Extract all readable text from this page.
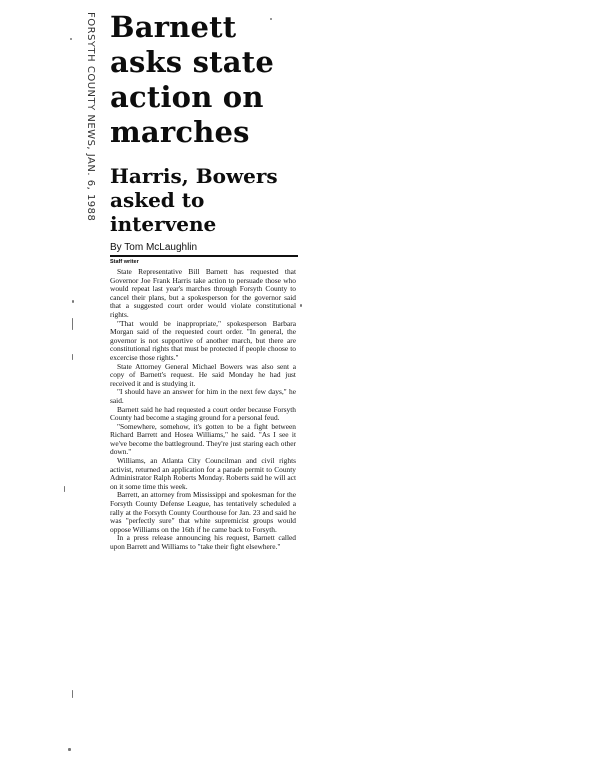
FORSYTH COUNTY NEWS, JAN. 6, 1988 Barnett asks state action on marches
Harris, Bowers asked to intervene
By Tom McLaughlin
Staff writer

State Representative Bill Barnett has requested that Governor Joe Frank Harris take action to persuade those who would repeat last year's marches through Forsyth County to cancel their plans, but a spokesperson for the governor said that a suggested court order would violate constitutional rights.

"That would be inappropriate," spokesperson Barbara Morgan said of the requested court order. "In general, the governor is not supportive of another march, but there are constitutional rights that must be protected if people choose to excercise those rights."

State Attorney General Michael Bowers was also sent a copy of Barnett's request. He said Monday he had just received it and is studying it.

"I should have an answer for him in the next few days," he said.

Barnett said he had requested a court order because Forsyth County had become a staging ground for a personal feud.

"Somewhere, somehow, it's gotten to be a fight between Richard Barrett and Hosea Williams," he said. "As I see it we've become the battleground. They're just staring each other down."

Williams, an Atlanta City Councilman and civil rights activist, returned an application for a parade permit to County Administrator Ralph Roberts Monday. Roberts said he will act on it some time this week.

Barrett, an attorney from Mississippi and spokesman for the Forsyth County Defense League, has tentatively scheduled a rally at the Forsyth County Courthouse for Jan. 23 and said he was "perfectly sure" that white supremicist groups would oppose Williams on the 16th if he came back to Forsyth.

In a press release announcing his request, Barnett called upon Barrett and Williams to "take their fight elsewhere."
